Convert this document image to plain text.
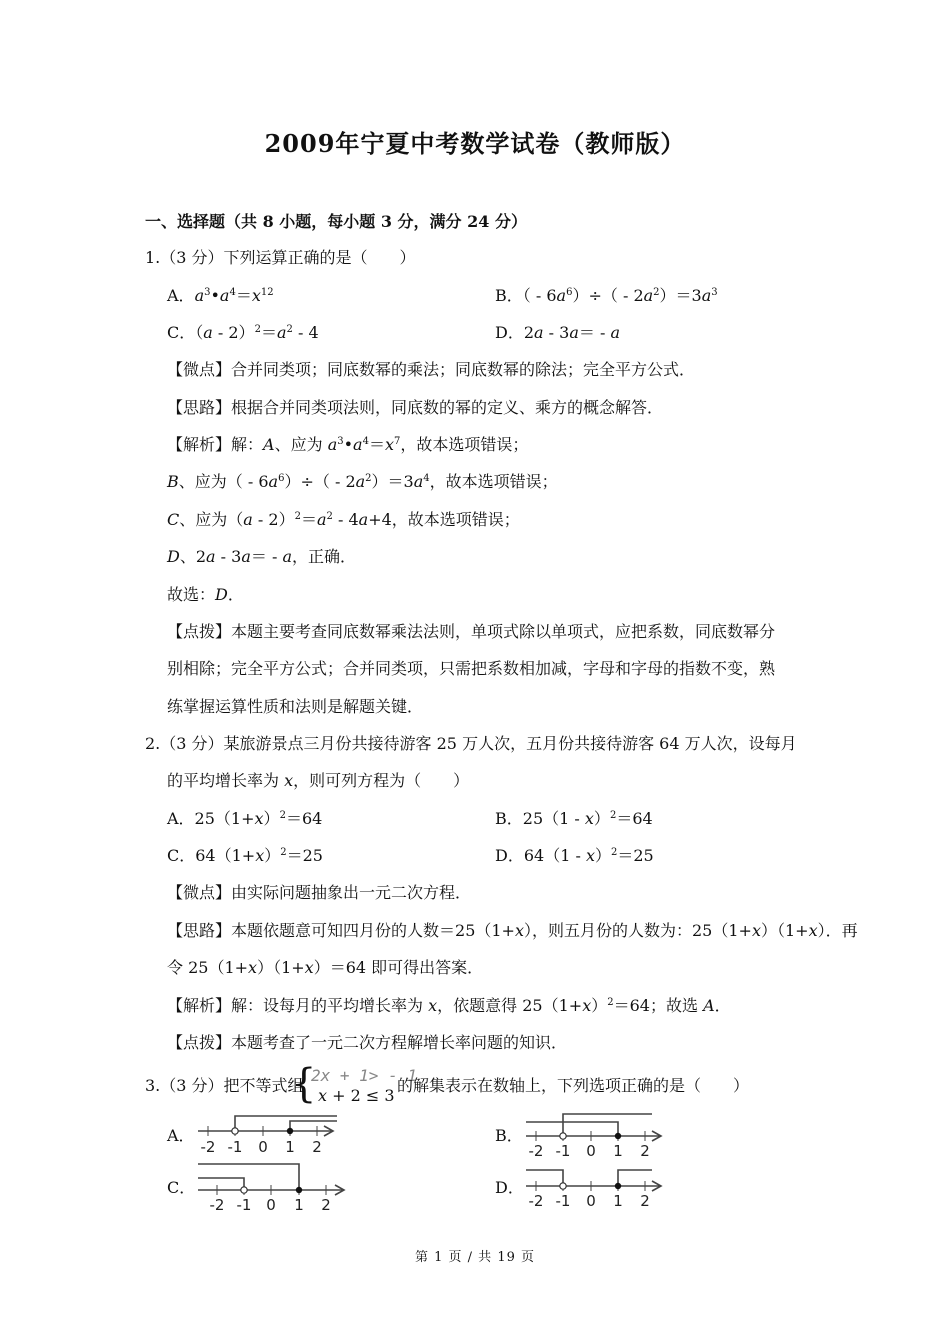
2009年宁夏中考数学试卷（教师版）
一、选择题（共 8 小题，每小题 3 分，满分 24 分）
1.（3 分）下列运算正确的是（　　）
A．$a^3•a^4=x^{12}$	B．（ - $6a^6)\div( - 2a^2)=3a^3$
C．$(a - 2)^2=a^2 - 4$	D．2a - 3a＝ - a
【微点】合并同类项；同底数幂的乘法；同底数幂的除法；完全平方公式．
【思路】根据合并同类项法则，同底数的幂的定义、乘方的概念解答．
【解析】解：A、应为 $a^3•a^4=x^7$，故本选项错误；
B、应为（ - $6a^6)\div( - 2a^2)=3a^4$，故本选项错误；
C、应为$(a - 2)^2=a^2 - 4a+4$，故本选项错误；
D、2a - 3a＝ - a，正确．
故选：D．
【点拨】本题主要考查同底数幂乘法法则，单项式除以单项式，应把系数，同底数幂分
别相除；完全平方公式；合并同类项，只需把系数相加减，字母和字母的指数不变，熟
练掌握运算性质和法则是解题关键．
2.（3 分）某旅游景点三月份共接待游客 25 万人次，五月份共接待游客 64 万人次，设每月
的平均增长率为 x，则可列方程为（　　）
A．$25(1+x)^2=64$	B．25（1 - x）$^2$＝64
C．$64(1+x)^2=25$	D．64（1 - x）$^2$＝25
【微点】由实际问题抽象出一元二次方程．
【思路】本题依题意可知四月份的人数＝25（1+x），则五月份的人数为：25（1+x）（1+x）．再
令 25（1+x）（1+x）＝64 即可得出答案．
【解析】解：设每月的平均增长率为 x，依题意得 $25(1+x)^2=64$；故选 A．
【点拨】本题考查了一元二次方程解增长率问题的知识．
3.（3 分）把不等式组
{
2x + 1> - 1
x + 2 ≤ 3
的解集表示在数轴上，下列选项正确的是（　　）
A．
-2 -1 0 1 2
B．
-2 -1 0 1 2
C．
-2 -1 0 1 2
D．
-2 -1 0 1 2
第 1 页 / 共 19 页
